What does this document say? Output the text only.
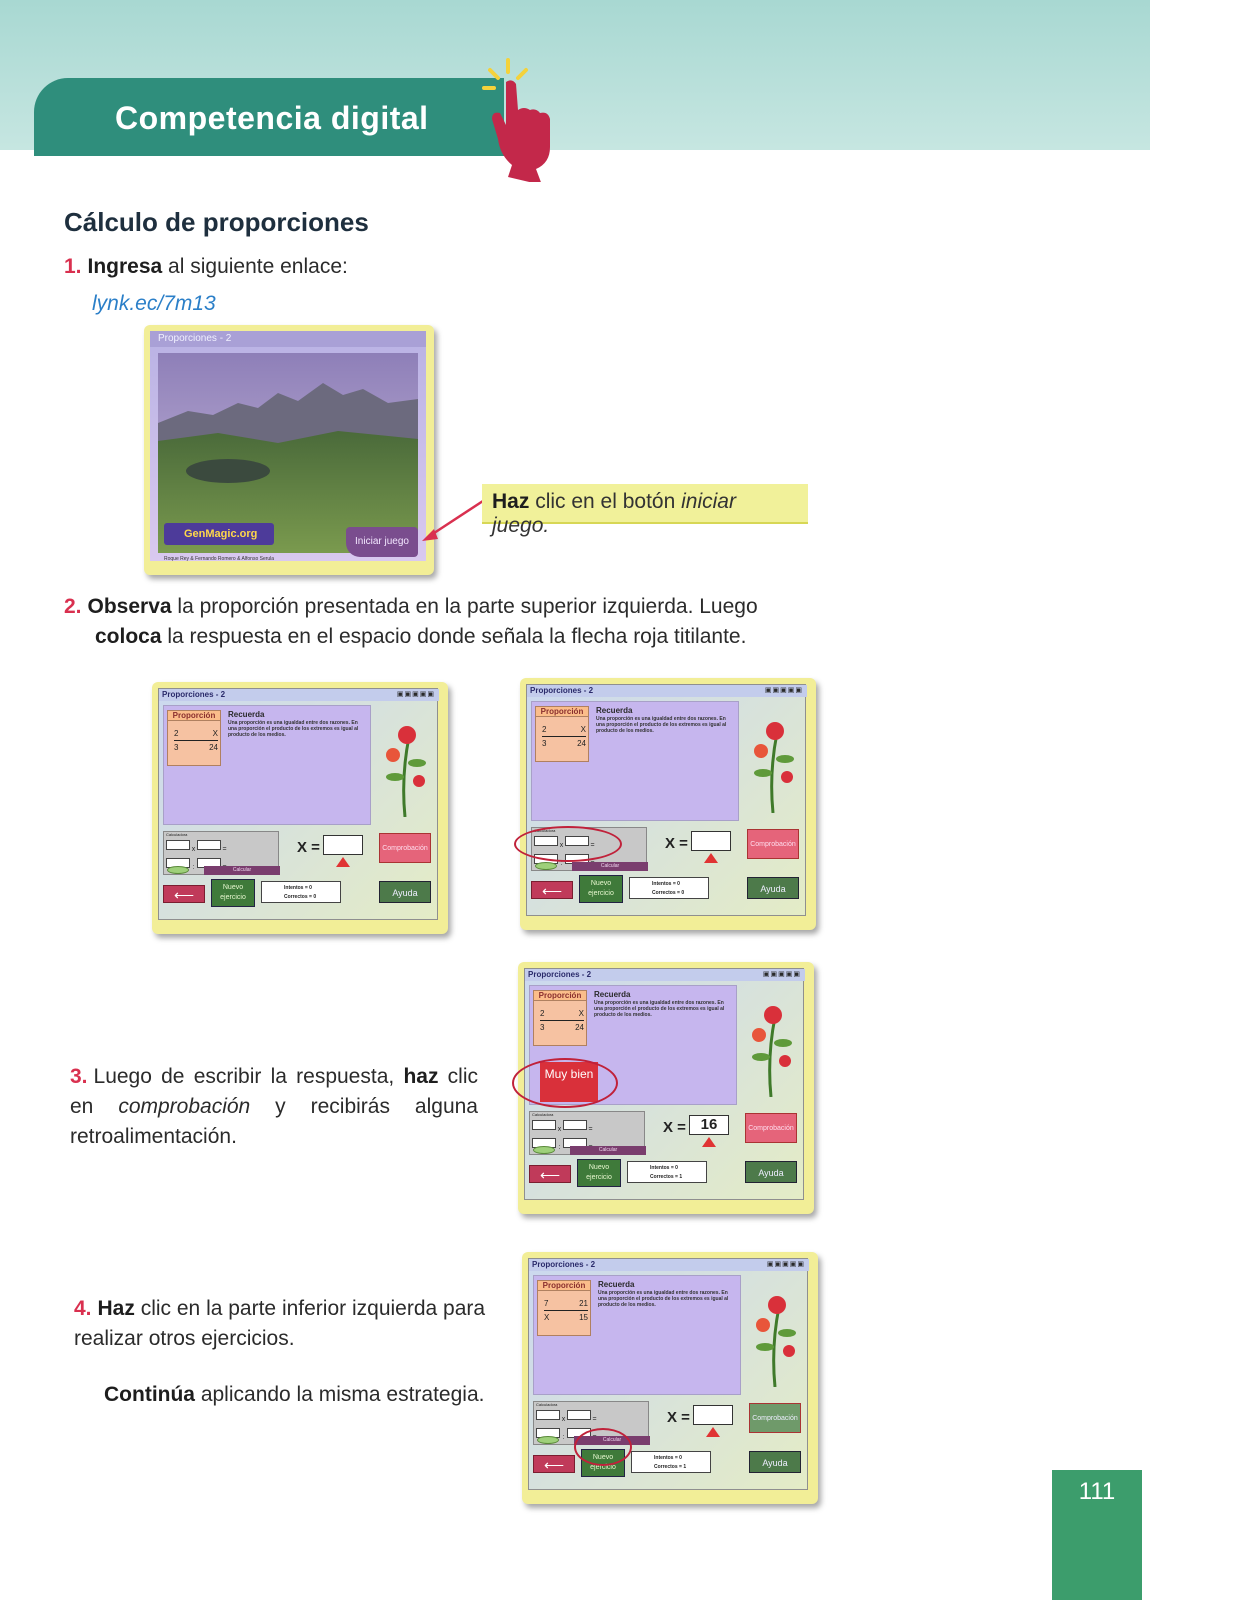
Competencia digital
Cálculo de proporciones
1. Ingresa al siguiente enlace:
lynk.ec/7m13
Proporciones - 2
GenMagic.org
Iniciar juego
Roque Rey & Fernando Romero & Alfonso Serula
Haz clic en el botón iniciar juego.
2. Observa la proporción presentada en la parte superior izquierda. Luego
coloca la respuesta en el espacio donde señala la flecha roja titilante.
3. Luego de escribir la respuesta, haz clic en comprobación y recibirás alguna retroalimentación.
4. Haz clic en la parte inferior izquierda para realizar otros ejercicios.
Continúa aplicando la misma estrategia.
Proporciones - 2	▣▣▣▣▣
Proporción
2	X
3	24
Recuerda
Una proporción es una igualdad entre dos razones. En una proporción el producto de los extremos es igual al producto de los medios.
Calculadora
x	=
:	Calcular
X =	Comprobación
⟵	Nuevo ejercicio
Intentos = 0
Correctos = 0	Ayuda
Proporciones - 2	▣▣▣▣▣
Proporción
2	X
3	24
Recuerda
Una proporción es una igualdad entre dos razones. En una proporción el producto de los extremos es igual al producto de los medios.
Calculadora
x	=
:	Calcular
X =	Comprobación
⟵	Nuevo ejercicio
Intentos = 0
Correctos = 0	Ayuda
Proporciones - 2	▣▣▣▣▣
Proporción
2	X
3	24
Recuerda
Una proporción es una igualdad entre dos razones. En una proporción el producto de los extremos es igual al producto de los medios.
Muy bien
Calculadora
x	=
:	Calcular
X = 16	Comprobación
⟵	Nuevo ejercicio
Intentos = 0
Correctos = 1	Ayuda
Proporciones - 2	▣▣▣▣▣
Proporción
7	21
X	15
Recuerda
Una proporción es una igualdad entre dos razones. En una proporción el producto de los extremos es igual al producto de los medios.
Calculadora
x	=
:	Calcular
X =	Comprobación
⟵	Nuevo ejercicio
Intentos = 0
Correctos = 1	Ayuda
111
